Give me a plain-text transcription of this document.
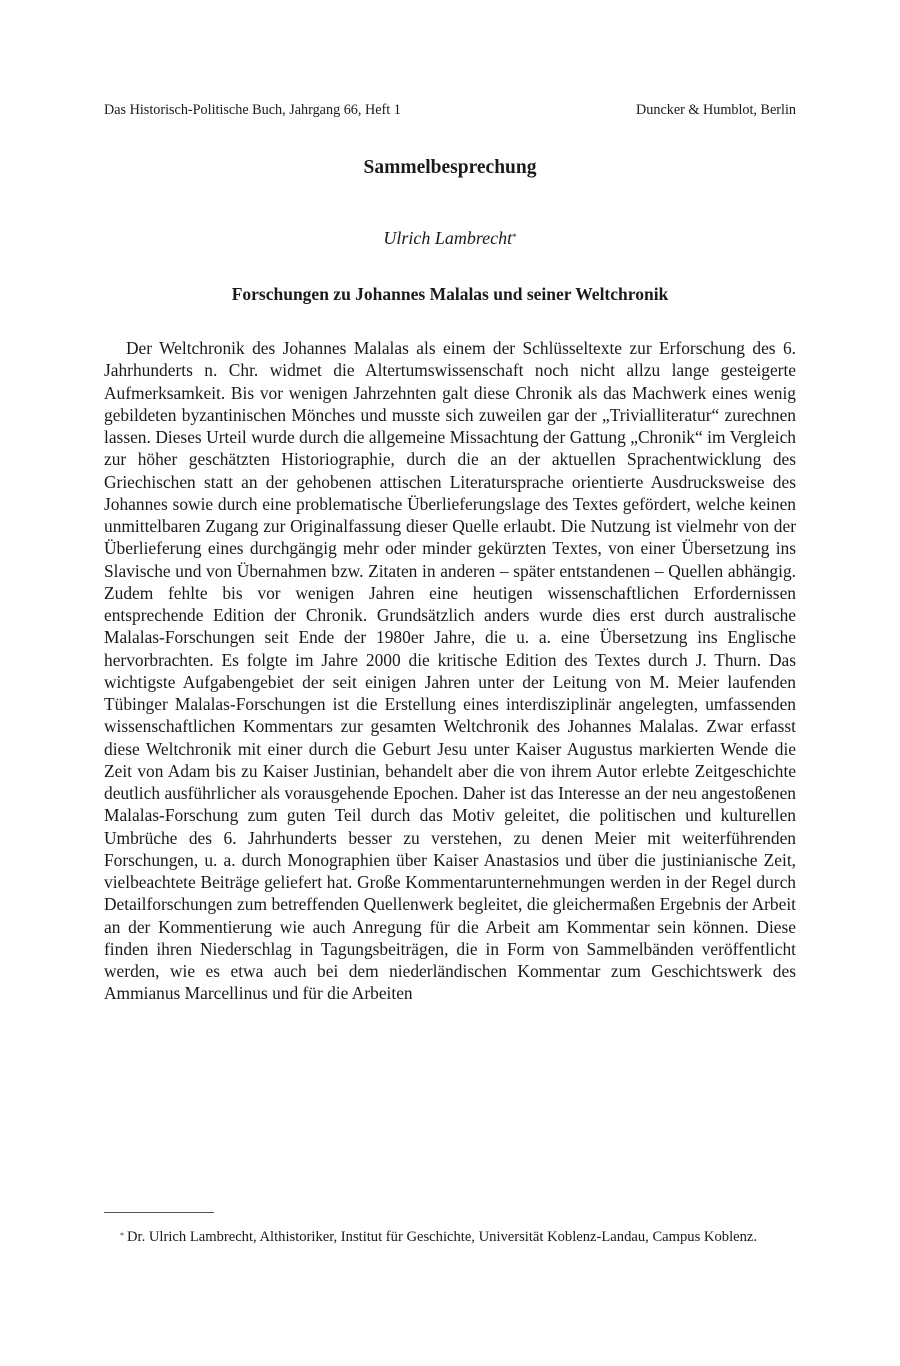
Das Historisch-Politische Buch, Jahrgang 66, Heft 1	Duncker & Humblot, Berlin
Sammelbesprechung
Ulrich Lambrecht*
Forschungen zu Johannes Malalas und seiner Weltchronik

Der Weltchronik des Johannes Malalas als einem der Schlüsseltexte zur Erforschung des 6. Jahrhunderts n. Chr. widmet die Altertumswissenschaft noch nicht allzu lange gesteigerte Aufmerksamkeit. Bis vor wenigen Jahrzehnten galt diese Chronik als das Machwerk eines wenig gebildeten byzantinischen Mönches und musste sich zuweilen gar der „Trivialliteratur“ zurechnen lassen. Dieses Urteil wurde durch die allgemeine Missachtung der Gattung „Chronik“ im Vergleich zur höher geschätzten Historiographie, durch die an der aktuellen Sprachentwicklung des Griechischen statt an der gehobenen attischen Literatursprache orientierte Ausdrucksweise des Johannes sowie durch eine problematische Überlieferungslage des Textes gefördert, welche keinen unmittelbaren Zugang zur Originalfassung dieser Quelle erlaubt. Die Nutzung ist vielmehr von der Überlieferung eines durchgängig mehr oder minder gekürzten Textes, von einer Übersetzung ins Slavische und von Übernahmen bzw. Zitaten in anderen – später entstandenen – Quellen abhängig. Zudem fehlte bis vor wenigen Jahren eine heutigen wissenschaftlichen Erfordernissen entsprechende Edition der Chronik. Grundsätzlich anders wurde dies erst durch australische Malalas-Forschungen seit Ende der 1980er Jahre, die u. a. eine Übersetzung ins Englische hervorbrachten. Es folgte im Jahre 2000 die kritische Edition des Textes durch J. Thurn. Das wichtigste Aufgabengebiet der seit einigen Jahren unter der Leitung von M. Meier laufenden Tübinger Malalas-Forschungen ist die Erstellung eines interdisziplinär angelegten, umfassenden wissenschaftlichen Kommentars zur gesamten Weltchronik des Johannes Malalas. Zwar erfasst diese Weltchronik mit einer durch die Geburt Jesu unter Kaiser Augustus markierten Wende die Zeit von Adam bis zu Kaiser Justinian, behandelt aber die von ihrem Autor erlebte Zeitgeschichte deutlich ausführlicher als vorausgehende Epochen. Daher ist das Interesse an der neu angestoßenen Malalas-Forschung zum guten Teil durch das Motiv geleitet, die politischen und kulturellen Umbrüche des 6. Jahrhunderts besser zu verstehen, zu denen Meier mit weiterführenden Forschungen, u. a. durch Monographien über Kaiser Anastasios und über die justinianische Zeit, vielbeachtete Beiträge geliefert hat. Große Kommentarunternehmungen werden in der Regel durch Detailforschungen zum betreffenden Quellenwerk begleitet, die gleichermaßen Ergebnis der Arbeit an der Kommentierung wie auch Anregung für die Arbeit am Kommentar sein können. Diese finden ihren Niederschlag in Tagungsbeiträgen, die in Form von Sammelbänden veröffentlicht werden, wie es etwa auch bei dem niederländischen Kommentar zum Geschichtswerk des Ammianus Marcellinus und für die Arbeiten

* Dr. Ulrich Lambrecht, Althistoriker, Institut für Geschichte, Universität Koblenz-Landau, Campus Koblenz.
